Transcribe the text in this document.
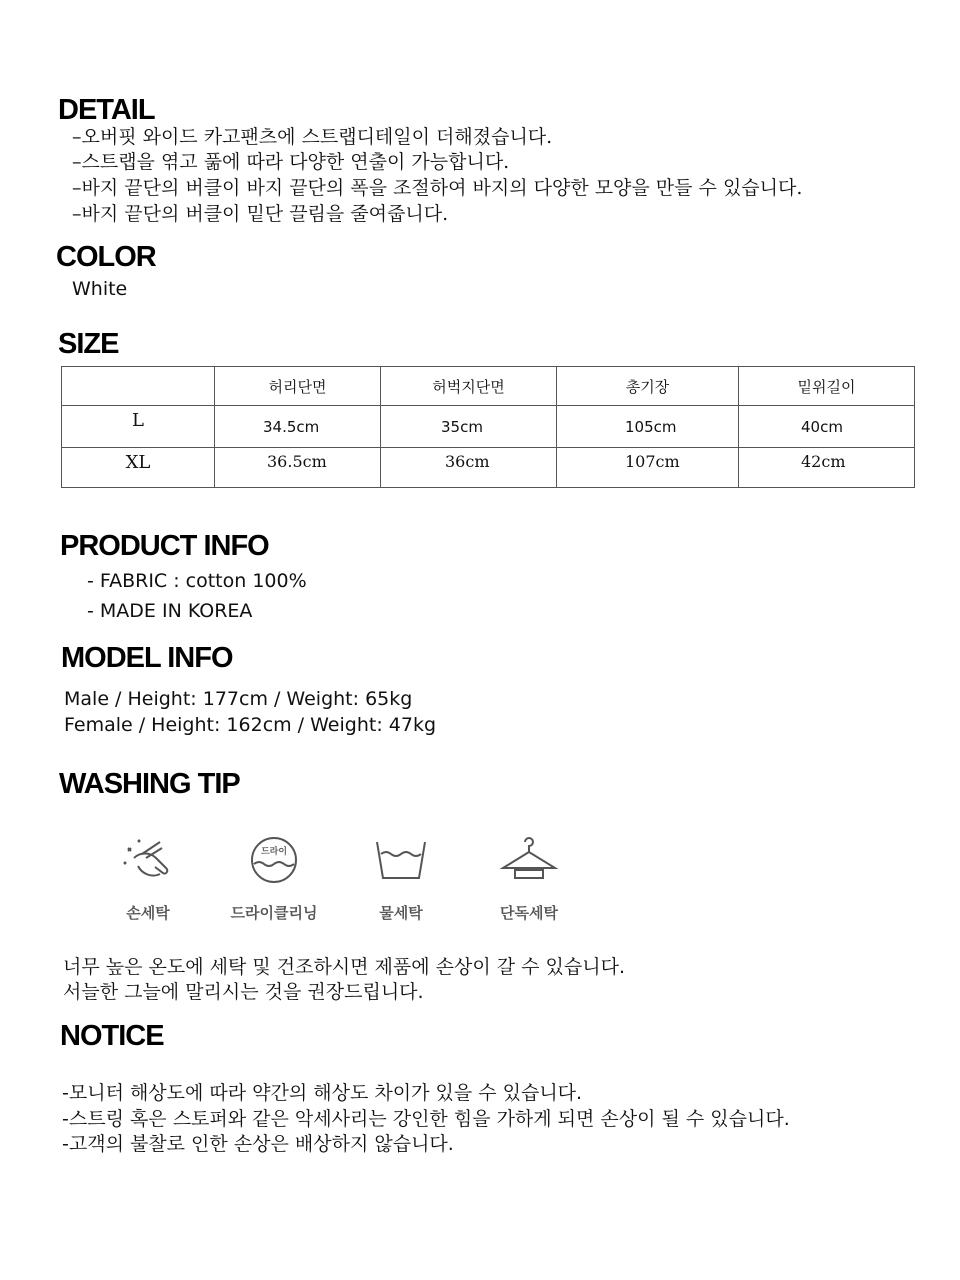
DETAIL
–오버핏 와이드 카고팬츠에 스트랩디테일이 더해졌습니다.
–스트랩을 엮고 풂에 따라 다양한 연출이 가능합니다.
–바지 끝단의 버클이 바지 끝단의 폭을 조절하여 바지의 다양한 모양을 만들 수 있습니다.
–바지 끝단의 버클이 밑단 끌림을 줄여줍니다.
COLOR
White
SIZE
	허리단면	허벅지단면	총기장	밑위길이
L	34.5cm	35cm	105cm	40cm
XL	36.5cm	36cm	107cm	42cm
PRODUCT INFO
- FABRIC : cotton 100%
- MADE IN KOREA
MODEL INFO
Male / Height: 177cm / Weight: 65kg
Female / Height: 162cm / Weight: 47kg
WASHING TIP
손세탁
드라이
드라이클리닝	물세탁	단독세탁
너무 높은 온도에 세탁 및 건조하시면 제품에 손상이 갈 수 있습니다.
서늘한 그늘에 말리시는 것을 권장드립니다.
NOTICE
-모니터 해상도에 따라 약간의 해상도 차이가 있을 수 있습니다.
-스트링 혹은 스토퍼와 같은 악세사리는 강인한 힘을 가하게 되면 손상이 될 수 있습니다.
-고객의 불찰로 인한 손상은 배상하지 않습니다.
